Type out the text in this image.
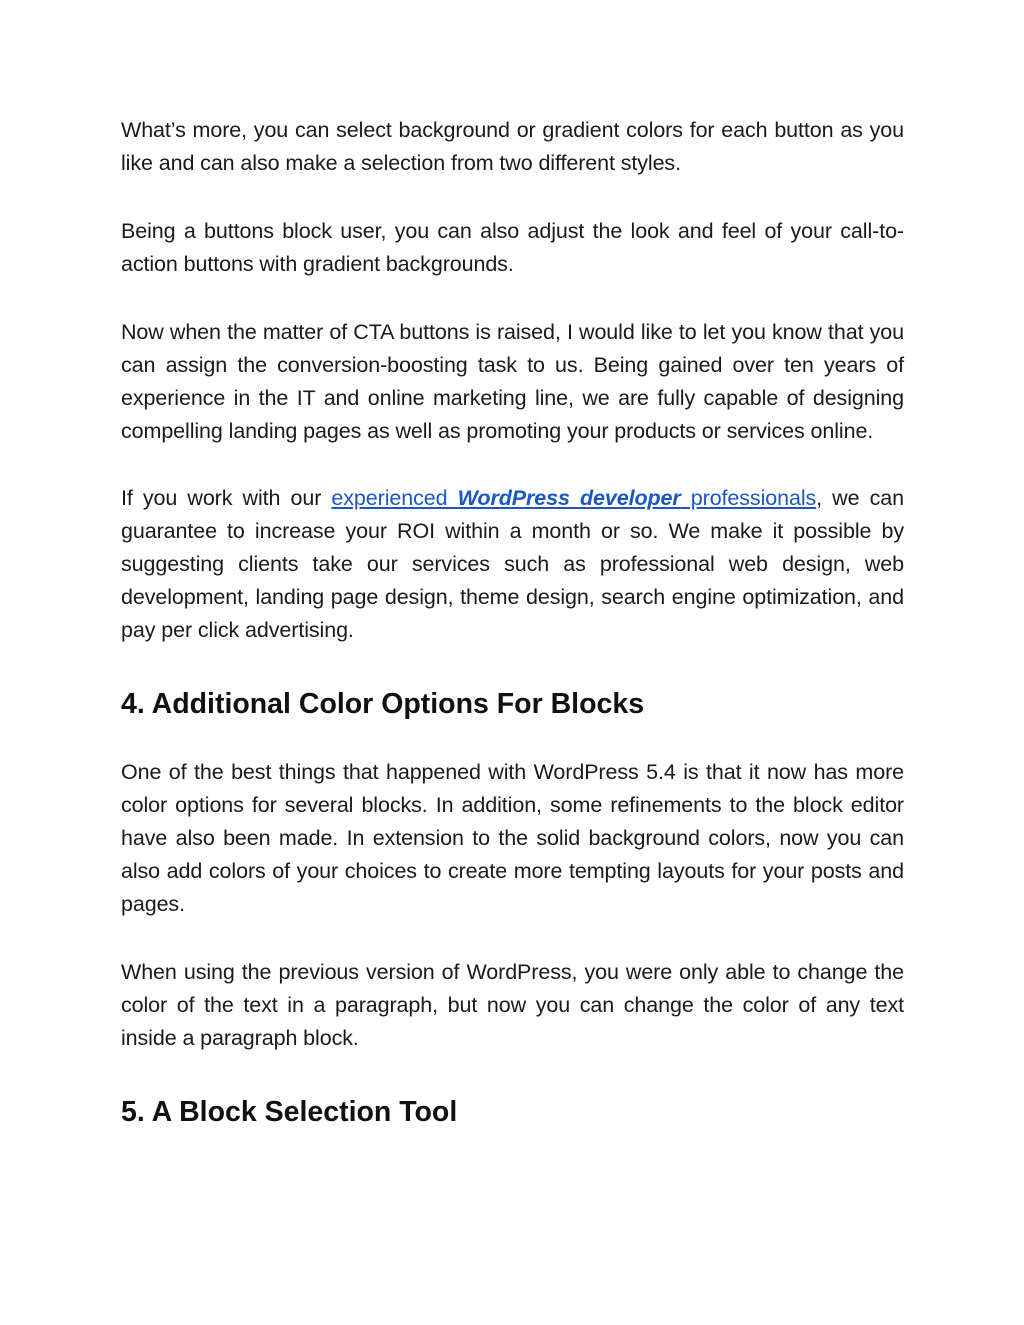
What’s more, you can select background or gradient colors for each button as you like and can also make a selection from two different styles.

Being a buttons block user, you can also adjust the look and feel of your call-to-action buttons with gradient backgrounds.

Now when the matter of CTA buttons is raised, I would like to let you know that you can assign the conversion-boosting task to us. Being gained over ten years of experience in the IT and online marketing line, we are fully capable of designing compelling landing pages as well as promoting your products or services online.

If you work with our experienced WordPress developer professionals, we can guarantee to increase your ROI within a month or so. We make it possible by suggesting clients take our services such as professional web design, web development, landing page design, theme design, search engine optimization, and pay per click advertising.

4. Additional Color Options For Blocks

One of the best things that happened with WordPress 5.4 is that it now has more color options for several blocks. In addition, some refinements to the block editor have also been made. In extension to the solid background colors, now you can also add colors of your choices to create more tempting layouts for your posts and pages.

When using the previous version of WordPress, you were only able to change the color of the text in a paragraph, but now you can change the color of any text inside a paragraph block.

5. A Block Selection Tool
